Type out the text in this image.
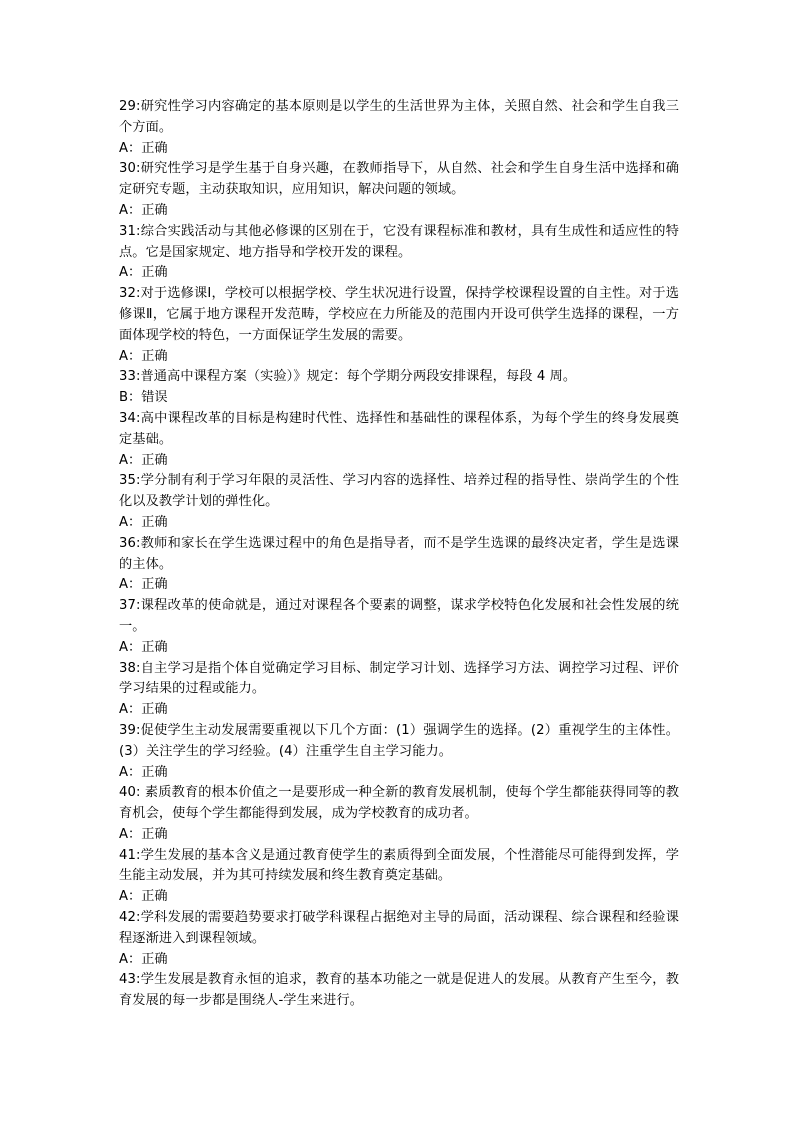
29:研究性学习内容确定的基本原则是以学生的生活世界为主体，关照自然、社会和学生自我三个方面。

A：正确

30:研究性学习是学生基于自身兴趣，在教师指导下，从自然、社会和学生自身生活中选择和确定研究专题，主动获取知识，应用知识，解决问题的领域。

A：正确

31:综合实践活动与其他必修课的区别在于，它没有课程标准和教材，具有生成性和适应性的特点。它是国家规定、地方指导和学校开发的课程。

A：正确

32:对于选修课Ⅰ，学校可以根据学校、学生状况进行设置，保持学校课程设置的自主性。对于选修课Ⅱ，它属于地方课程开发范畴，学校应在力所能及的范围内开设可供学生选择的课程，一方面体现学校的特色，一方面保证学生发展的需要。

A：正确

33:普通高中课程方案（实验）》规定：每个学期分两段安排课程，每段 4 周。

B：错误

34:高中课程改革的目标是构建时代性、选择性和基础性的课程体系，为每个学生的终身发展奠定基础。

A：正确

35:学分制有利于学习年限的灵活性、学习内容的选择性、培养过程的指导性、崇尚学生的个性化以及教学计划的弹性化。

A：正确

36:教师和家长在学生选课过程中的角色是指导者，而不是学生选课的最终决定者，学生是选课的主体。

A：正确

37:课程改革的使命就是，通过对课程各个要素的调整，谋求学校特色化发展和社会性发展的统一。

A：正确

38:自主学习是指个体自觉确定学习目标、制定学习计划、选择学习方法、调控学习过程、评价学习结果的过程或能力。

A：正确

39:促使学生主动发展需要重视以下几个方面：(1）强调学生的选择。(2）重视学生的主体性。(3）关注学生的学习经验。(4）注重学生自主学习能力。

A：正确

40: 素质教育的根本价值之一是要形成一种全新的教育发展机制，使每个学生都能获得同等的教育机会，使每个学生都能得到发展，成为学校教育的成功者。

A：正确

41:学生发展的基本含义是通过教育使学生的素质得到全面发展，个性潜能尽可能得到发挥，学生能主动发展，并为其可持续发展和终生教育奠定基础。

A：正确

42:学科发展的需要趋势要求打破学科课程占据绝对主导的局面，活动课程、综合课程和经验课程逐渐进入到课程领域。

A：正确

43:学生发展是教育永恒的追求，教育的基本功能之一就是促进人的发展。从教育产生至今，教育发展的每一步都是围绕人-学生来进行。
